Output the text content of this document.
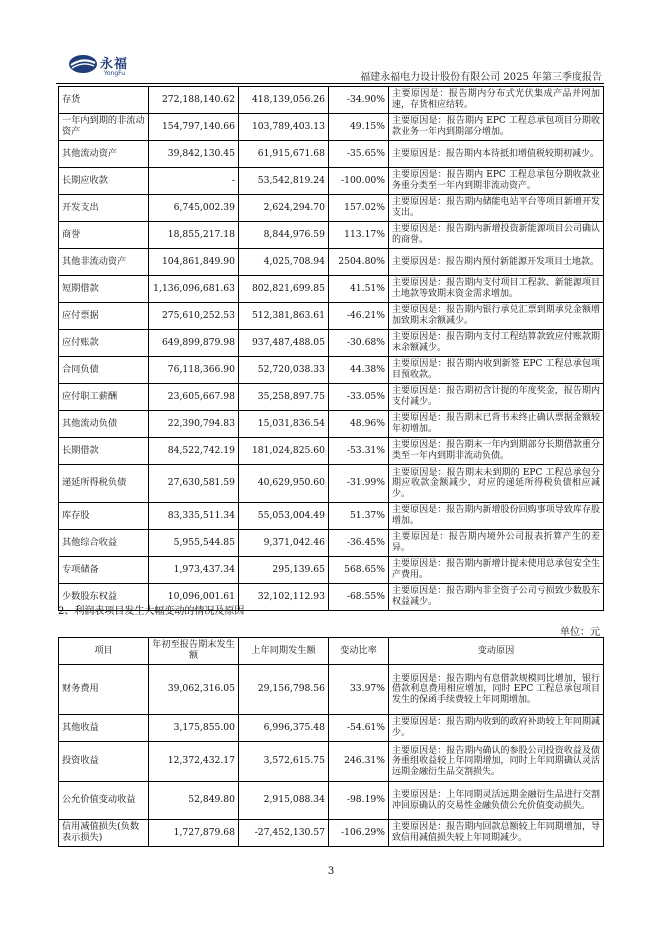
永福
YongFu	福建永福电力设计股份有限公司 2025 年第三季度报告
存货	272,188,140.62	418,139,056.26	-34.90%	主要原因是：报告期内分布式光伏集成产品并网加速，存货相应结转。
一年内到期的非流动资产	154,797,140.66	103,789,403.13	49.15%	主要原因是：报告期内 EPC 工程总承包项目分期收款业务一年内到期部分增加。
其他流动资产	39,842,130.45	61,915,671.68	-35.65%	主要原因是：报告期内本待抵扣增值税较期初减少。
长期应收款	-	53,542,819.24	-100.00%	主要原因是：报告期内 EPC 工程总承包分期收款业务重分类至一年内到期非流动资产。
开发支出	6,745,002.39	2,624,294.70	157.02%	主要原因是：报告期内储能电站平台等项目新增开发支出。
商誉	18,855,217.18	8,844,976.59	113.17%	主要原因是：报告期内新增投资新能源项目公司确认的商誉。
其他非流动资产	104,861,849.90	4,025,708.94	2504.80%	主要原因是：报告期内预付新能源开发项目土地款。
短期借款	1,136,096,681.63	802,821,699.85	41.51%	主要原因是：报告期内支付项目工程款、新能源项目土地款等致期末资金需求增加。
应付票据	275,610,252.53	512,381,863.61	-46.21%	主要原因是：报告期内银行承兑汇票到期承兑金额增加致期末余额减少。
应付账款	649,899,879.98	937,487,488.05	-30.68%	主要原因是：报告期内支付工程结算款致应付账款期末余额减少。
合同负债	76,118,366.90	52,720,038.33	44.38%	主要原因是：报告期内收到新签 EPC 工程总承包项目预收款。
应付职工薪酬	23,605,667.98	35,258,897.75	-33.05%	主要原因是：报告期初含计提的年度奖金，报告期内支付减少。
其他流动负债	22,390,794.83	15,031,836.54	48.96%	主要原因是：报告期末已背书未终止确认票据金额较年初增加。
长期借款	84,522,742.19	181,024,825.60	-53.31%	主要原因是：报告期末一年内到期部分长期借款重分类至一年内到期非流动负债。
递延所得税负债	27,630,581.59	40,629,950.60	-31.99%	主要原因是：报告期末未到期的 EPC 工程总承包分期应收款金额减少，对应的递延所得税负债相应减少。
库存股	83,335,511.34	55,053,004.49	51.37%	主要原因是：报告期内新增股份回购事项导致库存股增加。
其他综合收益	5,955,544.85	9,371,042.46	-36.45%	主要原因是：报告期内境外公司报表折算产生的差异。
专项储备	1,973,437.34	295,139.65	568.65%	主要原因是：报告期内新增计提未使用总承包安全生产费用。
少数股东权益	10,096,001.61	32,102,112.93	-68.55%	主要原因是：报告期内非全资子公司亏损致少数股东权益减少。
2、利润表项目发生大幅变动的情况及原因
单位：元
项目	年初至报告期末发生额	上年同期发生额	变动比率	变动原因
财务费用	39,062,316.05	29,156,798.56	33.97%	主要原因是：报告期内有息借款规模同比增加，银行借款利息费用相应增加，同时 EPC 工程总承包项目发生的保函手续费较上年同期增加。
其他收益	3,175,855.00	6,996,375.48	-54.61%	主要原因是：报告期内收到的政府补助较上年同期减少。
投资收益	12,372,432.17	3,572,615.75	246.31%	主要原因是：报告期内确认的参股公司投资收益及债务重组收益较上年同期增加，同时上年同期确认灵活远期金融衍生品交割损失。
公允价值变动收益	52,849.80	2,915,088.34	-98.19%	主要原因是：上年同期灵活远期金融衍生品进行交割冲回原确认的交易性金融负债公允价值变动损失。
信用减值损失(负数表示损失)	1,727,879.68	-27,452,130.57	-106.29%	主要原因是：报告期内回款总额较上年同期增加，导致信用减值损失较上年同期减少。
3
